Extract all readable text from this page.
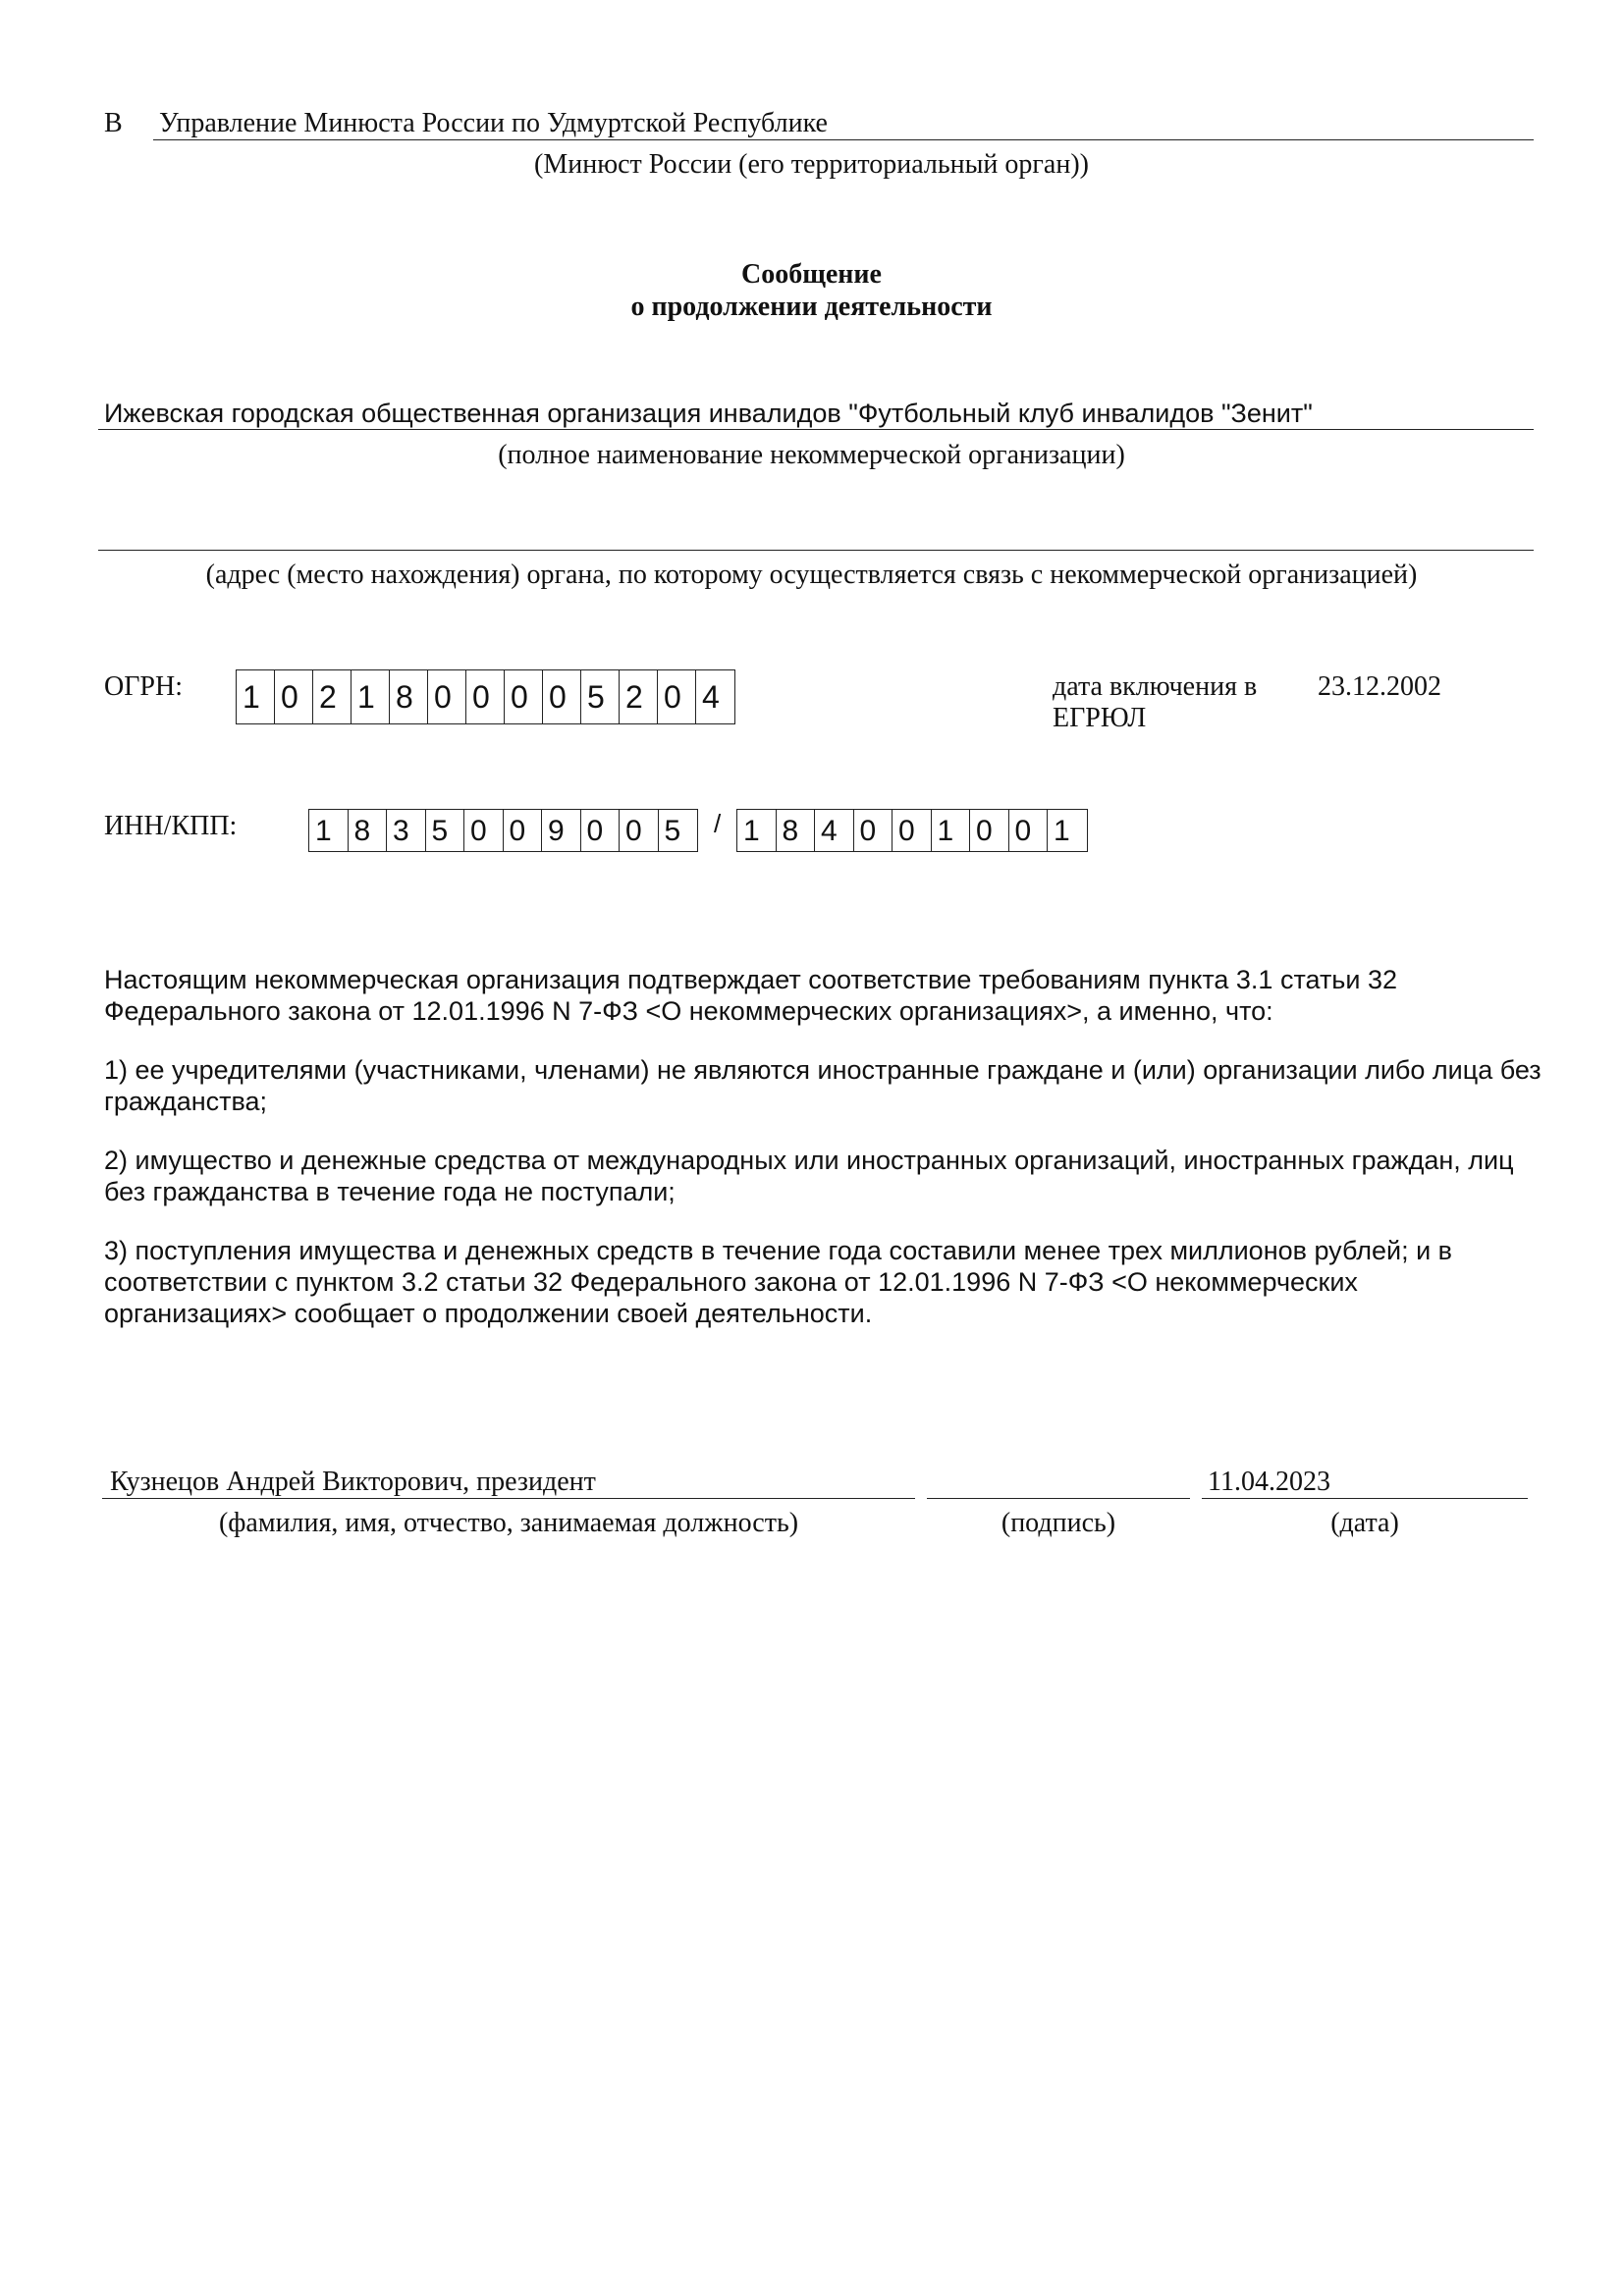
В Управление Минюста России по Удмуртской Республике
(Минюст России (его территориальный орган))
Сообщение
о продолжении деятельности
Ижевская городская общественная организация инвалидов "Футбольный клуб инвалидов "Зенит"
(полное наименование некоммерческой организации)
(адрес (место нахождения) органа, по которому осуществляется связь с некоммерческой организацией)
ОГРН: 1 0 2 1 8 0 0 0 0 5 2 0 4	дата включения в
ЕГРЮЛ
23.12.2002
ИНН/КПП:	1 8 3 5 0 0 9 0 0 5	/ 1 8 4 0 0 1 0 0 1
Настоящим некоммерческая организация подтверждает соответствие требованиям пункта 3.1 статьи 32 Федерального закона от 12.01.1996 N 7-ФЗ <О некоммерческих организациях>, а именно, что:
1) ее учредителями (участниками, членами) не являются иностранные граждане и (или) организации либо лица без гражданства;
2) имущество и денежные средства от международных или иностранных организаций, иностранных граждан, лиц без гражданства в течение года не поступали;
3) поступления имущества и денежных средств в течение года составили менее трех миллионов рублей; и в соответствии с пунктом 3.2 статьи 32 Федерального закона от 12.01.1996 N 7-ФЗ <О некоммерческих организациях> сообщает о продолжении своей деятельности.
Кузнецов Андрей Викторович, президент
(фамилия, имя, отчество, занимаемая должность)	(подпись)
11.04.2023
(дата)
